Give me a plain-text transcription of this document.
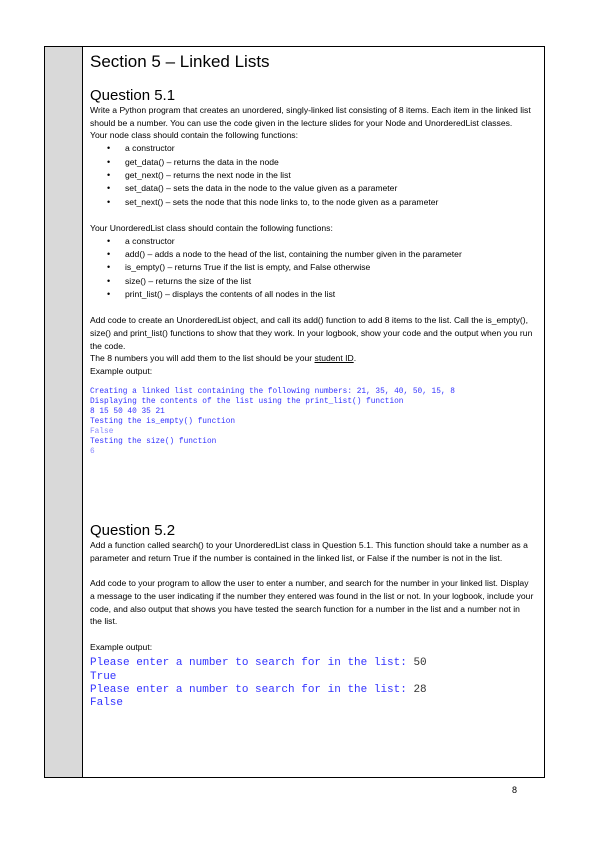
Section 5 – Linked Lists
Question 5.1

Write a Python program that creates an unordered, singly-linked list consisting of 8 items. Each item in the linked list should be a number. You can use the code given in the lecture slides for your Node and UnorderedList classes.

Your node class should contain the following functions:

• a constructor
• get_data() – returns the data in the node
• get_next() – returns the next node in the list
• set_data() – sets the data in the node to the value given as a parameter
• set_next() – sets the node that this node links to, to the node given as a parameter

Your UnorderedList class should contain the following functions:

• a constructor
• add() – adds a node to the head of the list, containing the number given in the parameter
• is_empty() – returns True if the list is empty, and False otherwise
• size() – returns the size of the list
• print_list() – displays the contents of all nodes in the list

Add code to create an UnorderedList object, and call its add() function to add 8 items to the list. Call the is_empty(), size() and print_list() functions to show that they work. In your logbook, show your code and the output when you run the code.

The 8 numbers you will add them to the list should be your student ID.

Example output:

Creating a linked list containing the following numbers: 21, 35, 40, 50, 15, 8
Displaying the contents of the list using the print_list() function
8 15 50 40 35 21
Testing the is_empty() function
False
Testing the size() function
6
Question 5.2

Add a function called search() to your UnorderedList class in Question 5.1. This function should take a number as a parameter and return True if the number is contained in the linked list, or False if the number is not in the list.

Add code to your program to allow the user to enter a number, and search for the number in your linked list. Display a message to the user indicating if the number they entered was found in the list or not. In your logbook, include your code, and also output that shows you have tested the search function for a number in the list and a number not in the list.

Example output:

Please enter a number to search for in the list: 50
True
Please enter a number to search for in the list: 28
False
8
